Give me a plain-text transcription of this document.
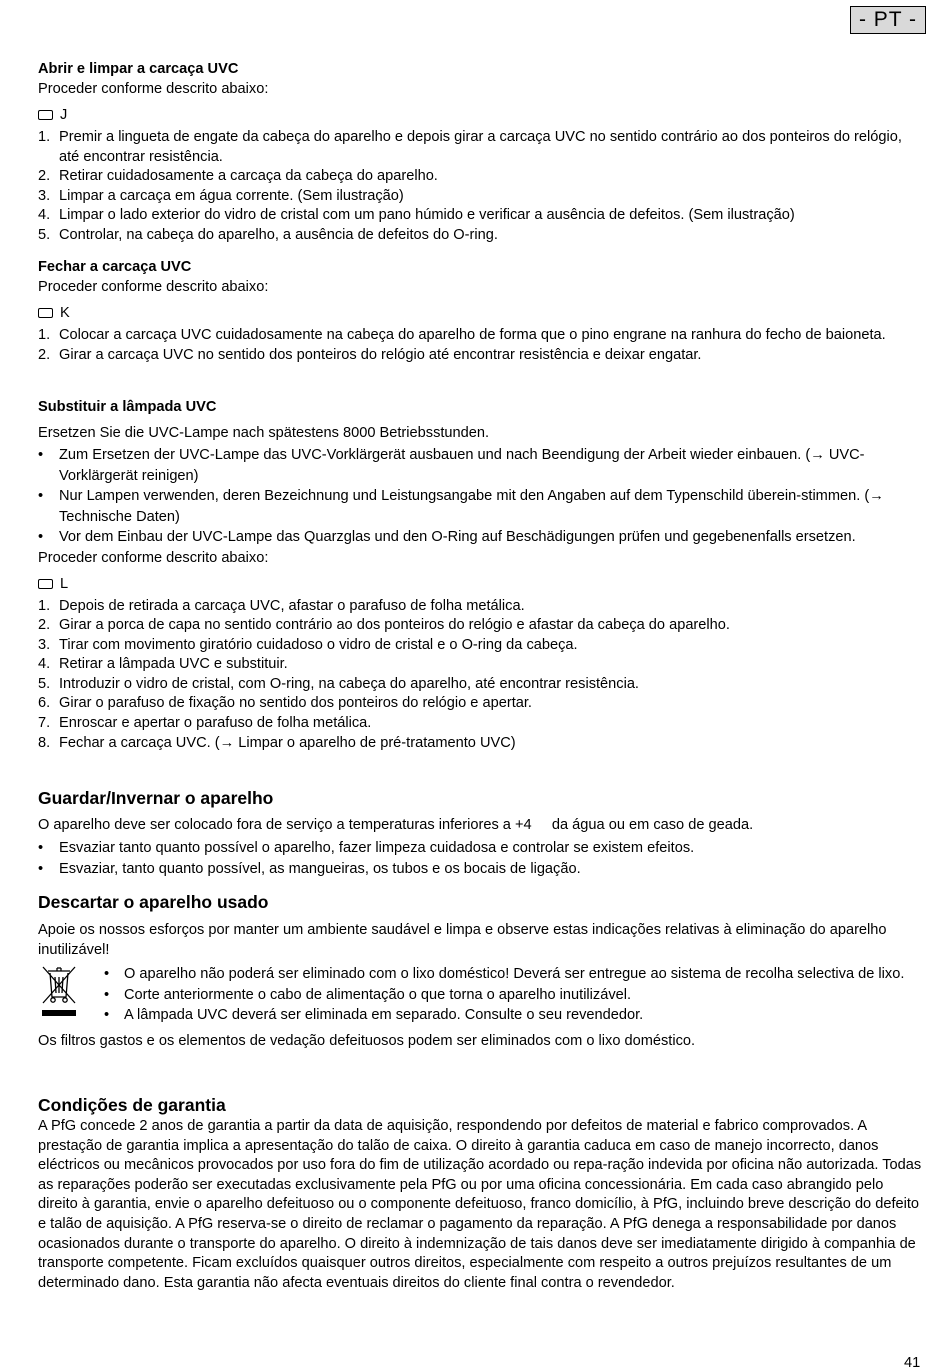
- PT -
Abrir e limpar a carcaça UVC
Proceder conforme descrito abaixo:
J
1. Premir a lingueta de engate da cabeça do aparelho e depois girar a carcaça UVC no sentido contrário ao dos ponteiros do relógio, até encontrar resistência.
2. Retirar cuidadosamente a carcaça da cabeça do aparelho.
3. Limpar a carcaça em água corrente. (Sem ilustração)
4. Limpar o lado exterior do vidro de cristal com um pano húmido e verificar a ausência de defeitos. (Sem ilustração)
5. Controlar, na cabeça do aparelho, a ausência de defeitos do O-ring.
Fechar a carcaça UVC
Proceder conforme descrito abaixo:
K
1. Colocar a carcaça UVC cuidadosamente na cabeça do aparelho de forma que o pino engrane na ranhura do fecho de baioneta.
2. Girar a carcaça UVC no sentido dos ponteiros do relógio até encontrar resistência e deixar engatar.
Substituir a lâmpada UVC
Ersetzen Sie die UVC-Lampe nach spätestens 8000 Betriebsstunden.
• Zum Ersetzen der UVC-Lampe das UVC-Vorklärgerät ausbauen und nach Beendigung der Arbeit wieder einbauen. (→ UVC-Vorklärgerät reinigen)
• Nur Lampen verwenden, deren Bezeichnung und Leistungsangabe mit den Angaben auf dem Typenschild überein-stimmen. (→ Technische Daten)
• Vor dem Einbau der UVC-Lampe das Quarzglas und den O-Ring auf Beschädigungen prüfen und gegebenenfalls ersetzen.
Proceder conforme descrito abaixo:
L
1. Depois de retirada a carcaça UVC, afastar o parafuso de folha metálica.
2. Girar a porca de capa no sentido contrário ao dos ponteiros do relógio e afastar da cabeça do aparelho.
3. Tirar com movimento giratório cuidadoso o vidro de cristal e o O-ring da cabeça.
4. Retirar a lâmpada UVC e substituir.
5. Introduzir o vidro de cristal, com O-ring, na cabeça do aparelho, até encontrar resistência.
6. Girar o parafuso de fixação no sentido dos ponteiros do relógio e apertar.
7. Enroscar e apertar o parafuso de folha metálica.
8. Fechar a carcaça UVC. (→ Limpar o aparelho de pré-tratamento UVC)
Guardar/Invernar o aparelho
O aparelho deve ser colocado fora de serviço a temperaturas inferiores a +4     da água ou em caso de geada.
• Esvaziar tanto quanto possível o aparelho, fazer limpeza cuidadosa e controlar se existem efeitos.
• Esvaziar, tanto quanto possível, as mangueiras, os tubos e os bocais de ligação.
Descartar o aparelho usado
Apoie os nossos esforços por manter um ambiente saudável e limpa e observe estas indicações relativas à eliminação do aparelho inutilizável!
• O aparelho não poderá ser eliminado com o lixo doméstico! Deverá ser entregue ao sistema de recolha selectiva de lixo.
• Corte anteriormente o cabo de alimentação o que torna o aparelho inutilizável.
• A lâmpada UVC deverá ser eliminada em separado. Consulte o seu revendedor.
Os filtros gastos e os elementos de vedação defeituosos podem ser eliminados com o lixo doméstico.
Condições de garantia
A PfG concede 2 anos de garantia a partir da data de aquisição, respondendo por defeitos de material e fabrico comprovados. A prestação de garantia implica a apresentação do talão de caixa. O direito à garantia caduca em caso de manejo incorrecto, danos eléctricos ou mecânicos provocados por uso fora do fim de utilização acordado ou repa-ração indevida por oficina não autorizada. Todas as reparações poderão ser executadas exclusivamente pela PfG ou por uma oficina concessionária. Em cada caso abrangido pelo direito à garantia, envie o aparelho defeituoso ou o componente defeituoso, franco domicílio, à PfG, incluindo breve descrição do defeito e talão de aquisição. A PfG reserva-se o direito de reclamar o pagamento da reparação. A PfG denega a responsabilidade por danos ocasionados durante o transporte do aparelho. O direito à indemnização de tais danos deve ser imediatamente dirigido à companhia de transporte competente. Ficam excluídos quaisquer outros direitos, especialmente com respeito a outros prejuízos resultantes de um determinado dano. Esta garantia não afecta eventuais direitos do cliente final contra o revendedor.
41
